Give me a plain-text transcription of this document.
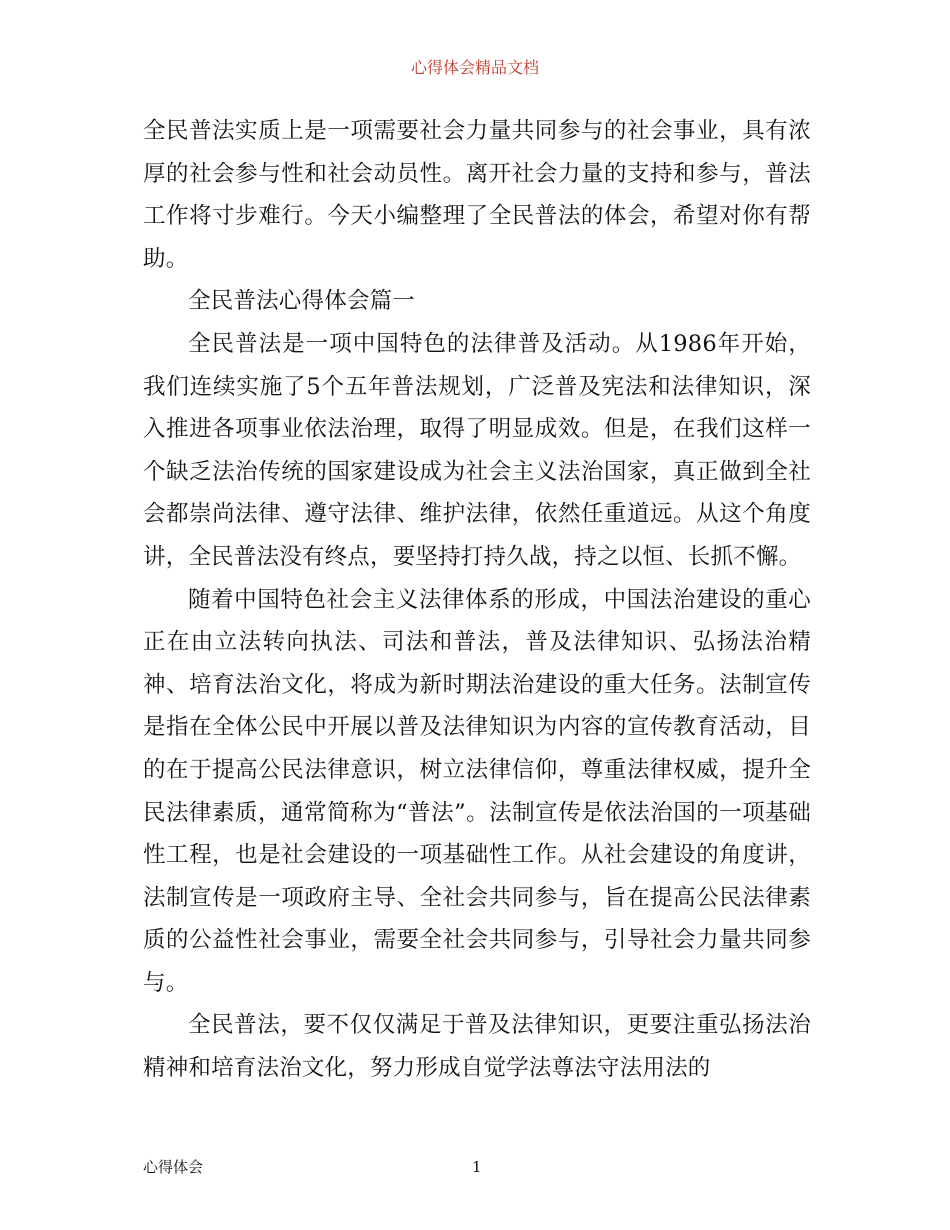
心得体会精品文档

全民普法实质上是一项需要社会力量共同参与的社会事业，具有浓厚的社会参与性和社会动员性。离开社会力量的支持和参与，普法工作将寸步难行。今天小编整理了全民普法的体会，希望对你有帮助。

全民普法心得体会篇一

全民普法是一项中国特色的法律普及活动。从1986年开始，我们连续实施了5个五年普法规划，广泛普及宪法和法律知识，深入推进各项事业依法治理，取得了明显成效。但是，在我们这样一个缺乏法治传统的国家建设成为社会主义法治国家，真正做到全社会都崇尚法律、遵守法律、维护法律，依然任重道远。从这个角度讲，全民普法没有终点，要坚持打持久战，持之以恒、长抓不懈。

随着中国特色社会主义法律体系的形成，中国法治建设的重心正在由立法转向执法、司法和普法，普及法律知识、弘扬法治精神、培育法治文化，将成为新时期法治建设的重大任务。法制宣传是指在全体公民中开展以普及法律知识为内容的宣传教育活动，目的在于提高公民法律意识，树立法律信仰，尊重法律权威，提升全民法律素质，通常简称为“普法”。法制宣传是依法治国的一项基础性工程，也是社会建设的一项基础性工作。从社会建设的角度讲，法制宣传是一项政府主导、全社会共同参与，旨在提高公民法律素质的公益性社会事业，需要全社会共同参与，引导社会力量共同参与。

全民普法，要不仅仅满足于普及法律知识，更要注重弘扬法治精神和培育法治文化，努力形成自觉学法尊法守法用法的

心得体会	1
